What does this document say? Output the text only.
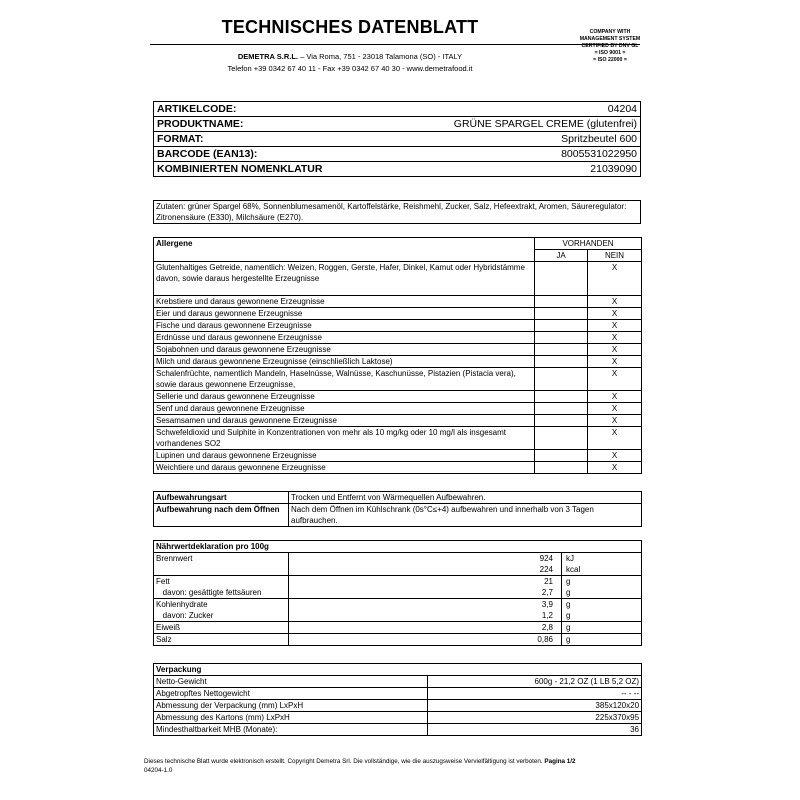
TECHNISCHES DATENBLATT
DEMETRA S.R.L. – Via Roma, 751 - 23018 Talamona (SO) - ITALY
Telefon +39 0342 67 40 11 - Fax +39 0342 67 40 30 - www.demetrafood.it
COMPANY WITH
MANAGEMENT SYSTEM
CERTIFIED BY DNV GL
= ISO 9001 =
= ISO 22000 =
ARTIKELCODE:	04204
PRODUKTNAME:	GRÜNE SPARGEL CREME (glutenfrei)
FORMAT:	Spritzbeutel 600
BARCODE (EAN13):	8005531022950
KOMBINIERTEN NOMENKLATUR	21039090
Zutaten: grüner Spargel 68%, Sonnenblumesamenöl, Kartoffelstärke, Reishmehl, Zucker, Salz, Hefeextrakt, Aromen, Säureregulator: Zitronensäure (E330), Milchsäure (E270).
Allergene	VORHANDEN	
	JA	NEIN
Glutenhaltiges Getreide, namentlich: Weizen, Roggen, Gerste, Hafer, Dinkel, Kamut oder Hybridstämme davon, sowie daraus hergestellte Erzeugnisse		X
Krebstiere und daraus gewonnene Erzeugnisse		X
Eier und daraus gewonnene Erzeugnisse		X
Fische und daraus gewonnene Erzeugnisse		X
Erdnüsse und daraus gewonnene Erzeugnisse		X
Sojabohnen und daraus gewonnene Erzeugnisse		X
Milch und daraus gewonnene Erzeugnisse (einschließlich Laktose)		X
Schalenfrüchte, namentlich Mandeln, Haselnüsse, Walnüsse, Kaschunüsse, Pistazien (Pistacia vera), sowie daraus gewonnene Erzeugnisse,		X
Sellerie und daraus gewonnene Erzeugnisse		X
Senf und daraus gewonnene Erzeugnisse		X
Sesamsamen und daraus gewonnene Erzeugnisse		X
Schwefeldioxid und Sulphite in Konzentrationen von mehr als 10 mg/kg oder 10 mg/l als insgesamt vorhandenes SO2		X
Lupinen und daraus gewonnene Erzeugnisse		X
Weichtiere und daraus gewonnene Erzeugnisse		X
Aufbewahrungsart	Trocken und Entfernt von Wärmequellen Aufbewahren.
Aufbewahrung nach dem Öffnen	Nach dem Öffnen im Kühlschrank (0s°C≤+4) aufbewahren und innerhalb von 3 Tagen aufbrauchen.
Nährwertdeklaration pro 100g		

Brennwert	924	kJ
	224	kcal
Fett	21	g
davon: gesättigte fettsäuren	2,7	g
Kohlenhydrate	3,9	g
davon: Zucker	1,2	g
Eiweiß	2,8	g
Salz	0,86	g
Verpackung	
Netto-Gewicht	600g - 21,2 OZ (1 LB 5,2 OZ)
Abgetropftes Nettogewicht	-- - --
Abmessung der Verpackung (mm) LxPxH	385x120x20
Abmessung des Kartons (mm) LxPxH	225x370x95
Mindesthaltbarkeit MHB (Monate):	36
Dieses technische Blatt wurde elektronisch erstellt. Copyright Demetra Srl. Die vollständige, wie die auszugsweise Vervielfältigung ist verboten. Pagina 1/2
04204-1.0
